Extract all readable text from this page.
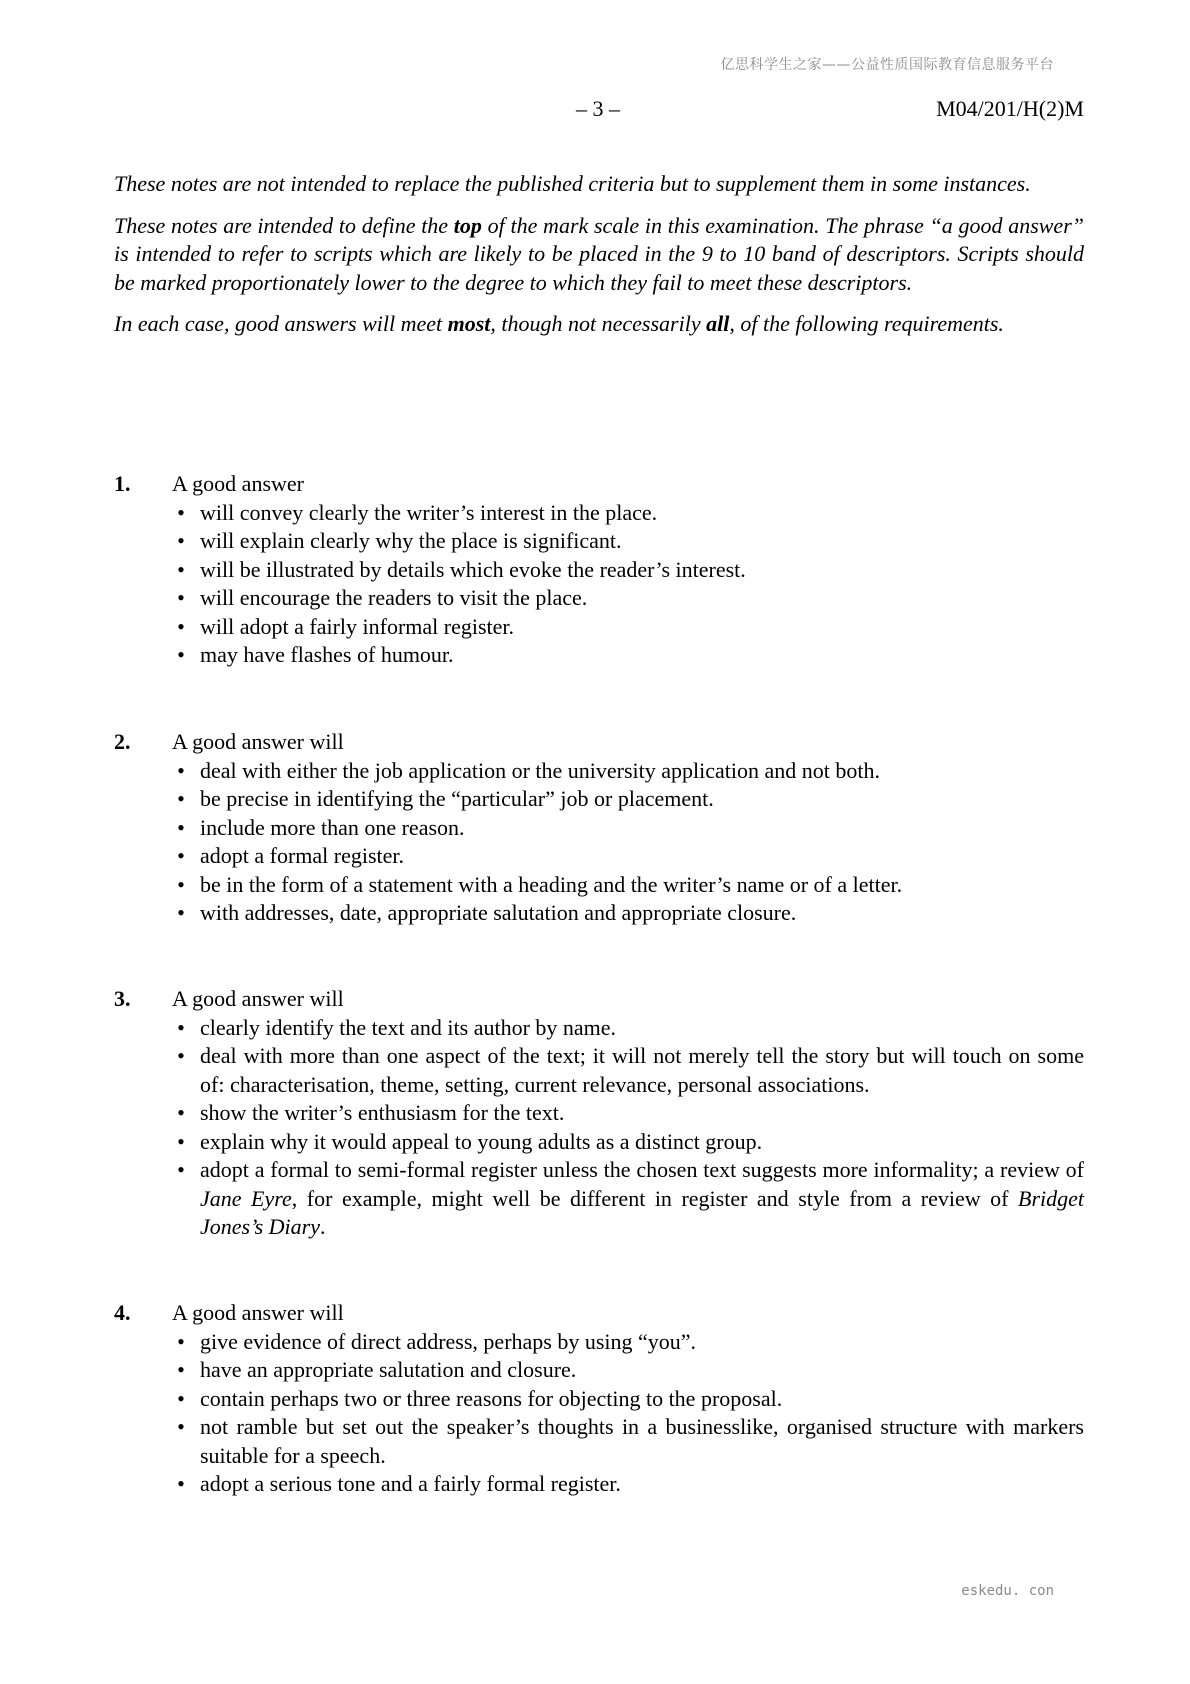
亿思科学生之家——公益性质国际教育信息服务平台
– 3 –	M04/201/H(2)M

These notes are not intended to replace the published criteria but to supplement them in some instances.

These notes are intended to define the top of the mark scale in this examination. The phrase “a good answer” is intended to refer to scripts which are likely to be placed in the 9 to 10 band of descriptors. Scripts should be marked proportionately lower to the degree to which they fail to meet these descriptors.

In each case, good answers will meet most, though not necessarily all, of the following requirements.

1.	A good answer
• will convey clearly the writer’s interest in the place.
• will explain clearly why the place is significant.
• will be illustrated by details which evoke the reader’s interest.
• will encourage the readers to visit the place.
• will adopt a fairly informal register.
• may have flashes of humour.
2.	A good answer will
• deal with either the job application or the university application and not both.
• be precise in identifying the “particular” job or placement.
• include more than one reason.
• adopt a formal register.
• be in the form of a statement with a heading and the writer’s name or of a letter.
• with addresses, date, appropriate salutation and appropriate closure.
3.	A good answer will
• clearly identify the text and its author by name.
• deal with more than one aspect of the text; it will not merely tell the story but will touch on some of: characterisation, theme, setting, current relevance, personal associations.
• show the writer’s enthusiasm for the text.
• explain why it would appeal to young adults as a distinct group.
• adopt a formal to semi-formal register unless the chosen text suggests more informality; a review of Jane Eyre, for example, might well be different in register and style from a review of Bridget Jones’s Diary.
4.	A good answer will
• give evidence of direct address, perhaps by using “you”.
• have an appropriate salutation and closure.
• contain perhaps two or three reasons for objecting to the proposal.
• not ramble but set out the speaker’s thoughts in a businesslike, organised structure with markers suitable for a speech.
• adopt a serious tone and a fairly formal register.
eskedu. con
